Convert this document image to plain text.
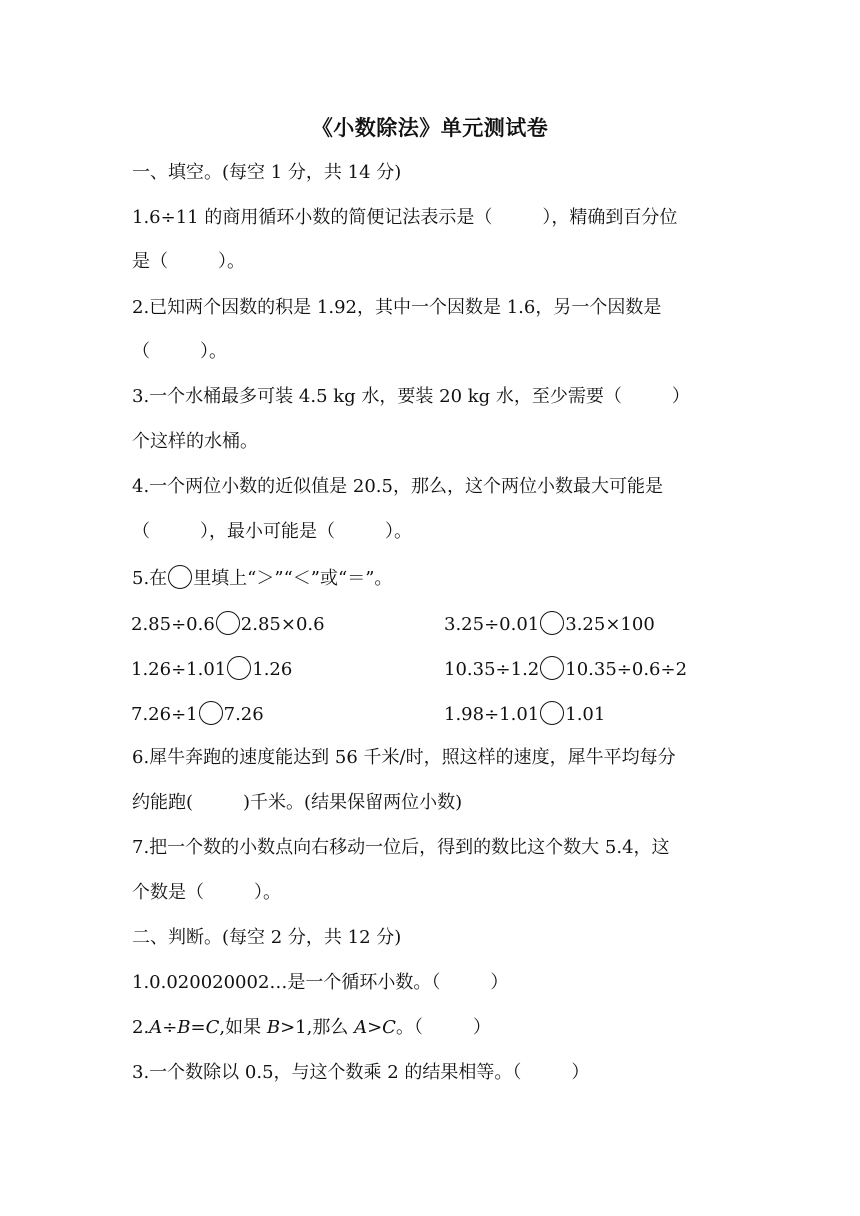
《小数除法》单元测试卷
一、填空。(每空 1 分，共 14 分)
1.6÷11 的商用循环小数的简便记法表示是（	），精确到百分位
是（	）。
2.已知两个因数的积是 1.92，其中一个因数是 1.6，另一个因数是
（	）。
3.一个水桶最多可装 4.5 kg 水，要装 20 kg 水，至少需要（	）
个这样的水桶。
4.一个两位小数的近似值是 20.5，那么，这个两位小数最大可能是
（	），最小可能是（	）。
5.在 里填上“＞”“＜”或“＝”。
2.85÷0.6 2.85×0.6	3.25÷0.01 3.25×100
1.26÷1.01 1.26	10.35÷1.2 10.35÷0.6÷2
7.26÷1 7.26	1.98÷1.01 1.01
6.犀牛奔跑的速度能达到 56 千米/时，照这样的速度，犀牛平均每分
约能跑(	)千米。(结果保留两位小数)
7.把一个数的小数点向右移动一位后，得到的数比这个数大 5.4，这
个数是（	）。
二、判断。(每空 2 分，共 12 分)
1.0.020020002…是一个循环小数。（	）
2.A÷B=C,如果 B>1,那么 A>C。（	）
3.一个数除以 0.5，与这个数乘 2 的结果相等。（	）
